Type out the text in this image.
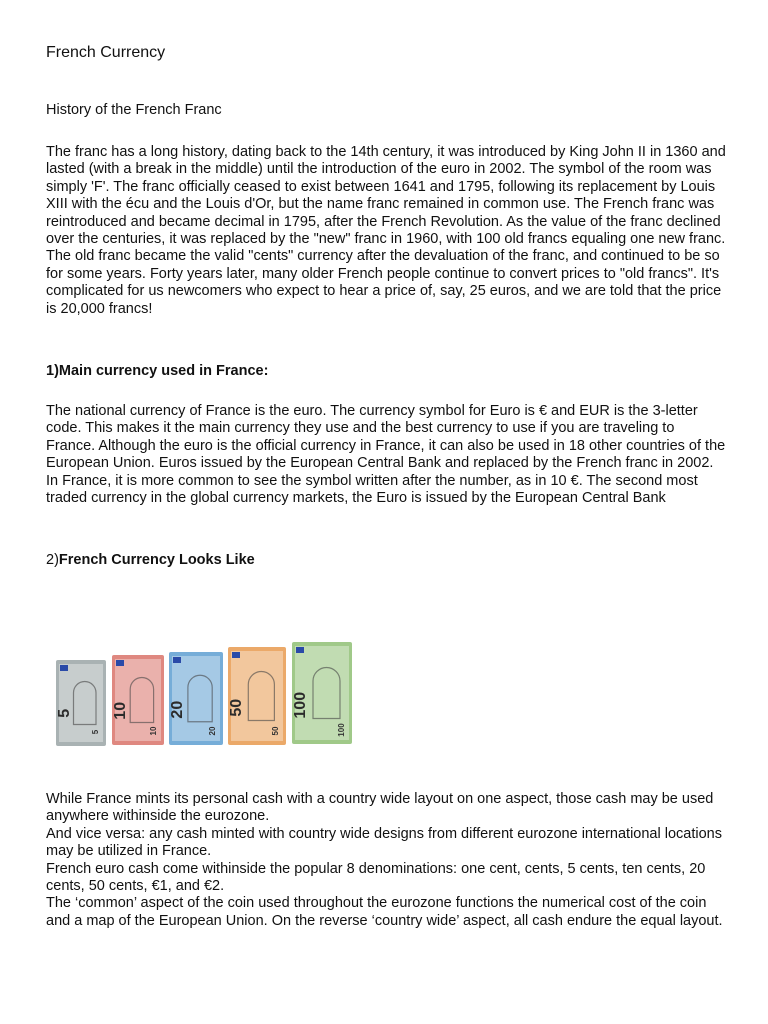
French Currency
History of the French Franc

The franc has a long history, dating back to the 14th century, it was introduced by King John II in 1360 and lasted (with a break in the middle) until the introduction of the euro in 2002. The symbol of the room was simply 'F'. The franc officially ceased to exist between 1641 and 1795, following its replacement by Louis XIII with the écu and the Louis d'Or, but the name franc remained in common use. The French franc was reintroduced and became decimal in 1795, after the French Revolution. As the value of the franc declined over the centuries, it was replaced by the "new" franc in 1960, with 100 old francs equaling one new franc. The old franc became the valid "cents" currency after the devaluation of the franc, and continued to be so for some years. Forty years later, many older French people continue to convert prices to "old francs". It's complicated for us newcomers who expect to hear a price of, say, 25 euros, and we are told that the price is 20,000 francs!

1)Main currency used in France:

The national currency of France is the euro. The currency symbol for Euro is € and EUR is the 3-letter code. This makes it the main currency they use and the best currency to use if you are traveling to France. Although the euro is the official currency in France, it can also be used in 18 other countries of the European Union. Euros issued by the European Central Bank and replaced by the French franc in 2002. In France, it is more common to see the symbol written after the number, as in 10 €. The second most traded currency in the global currency markets, the Euro is issued by the European Central Bank

2)French Currency Looks Like

While France mints its personal cash with a country wide layout on one aspect, those cash may be used anywhere withinside the eurozone.

And vice versa: any cash minted with country wide designs from different eurozone international locations may be utilized in France.

French euro cash come withinside the popular 8 denominations: one cent, cents, 5 cents, ten cents, 20 cents, 50 cents, €1, and €2.

The ‘common’ aspect of the coin used throughout the eurozone functions the numerical cost of the coin and a map of the European Union. On the reverse ‘country wide’ aspect, all cash endure the equal layout.

5
5
10
10
20
20
50
50
100
100
